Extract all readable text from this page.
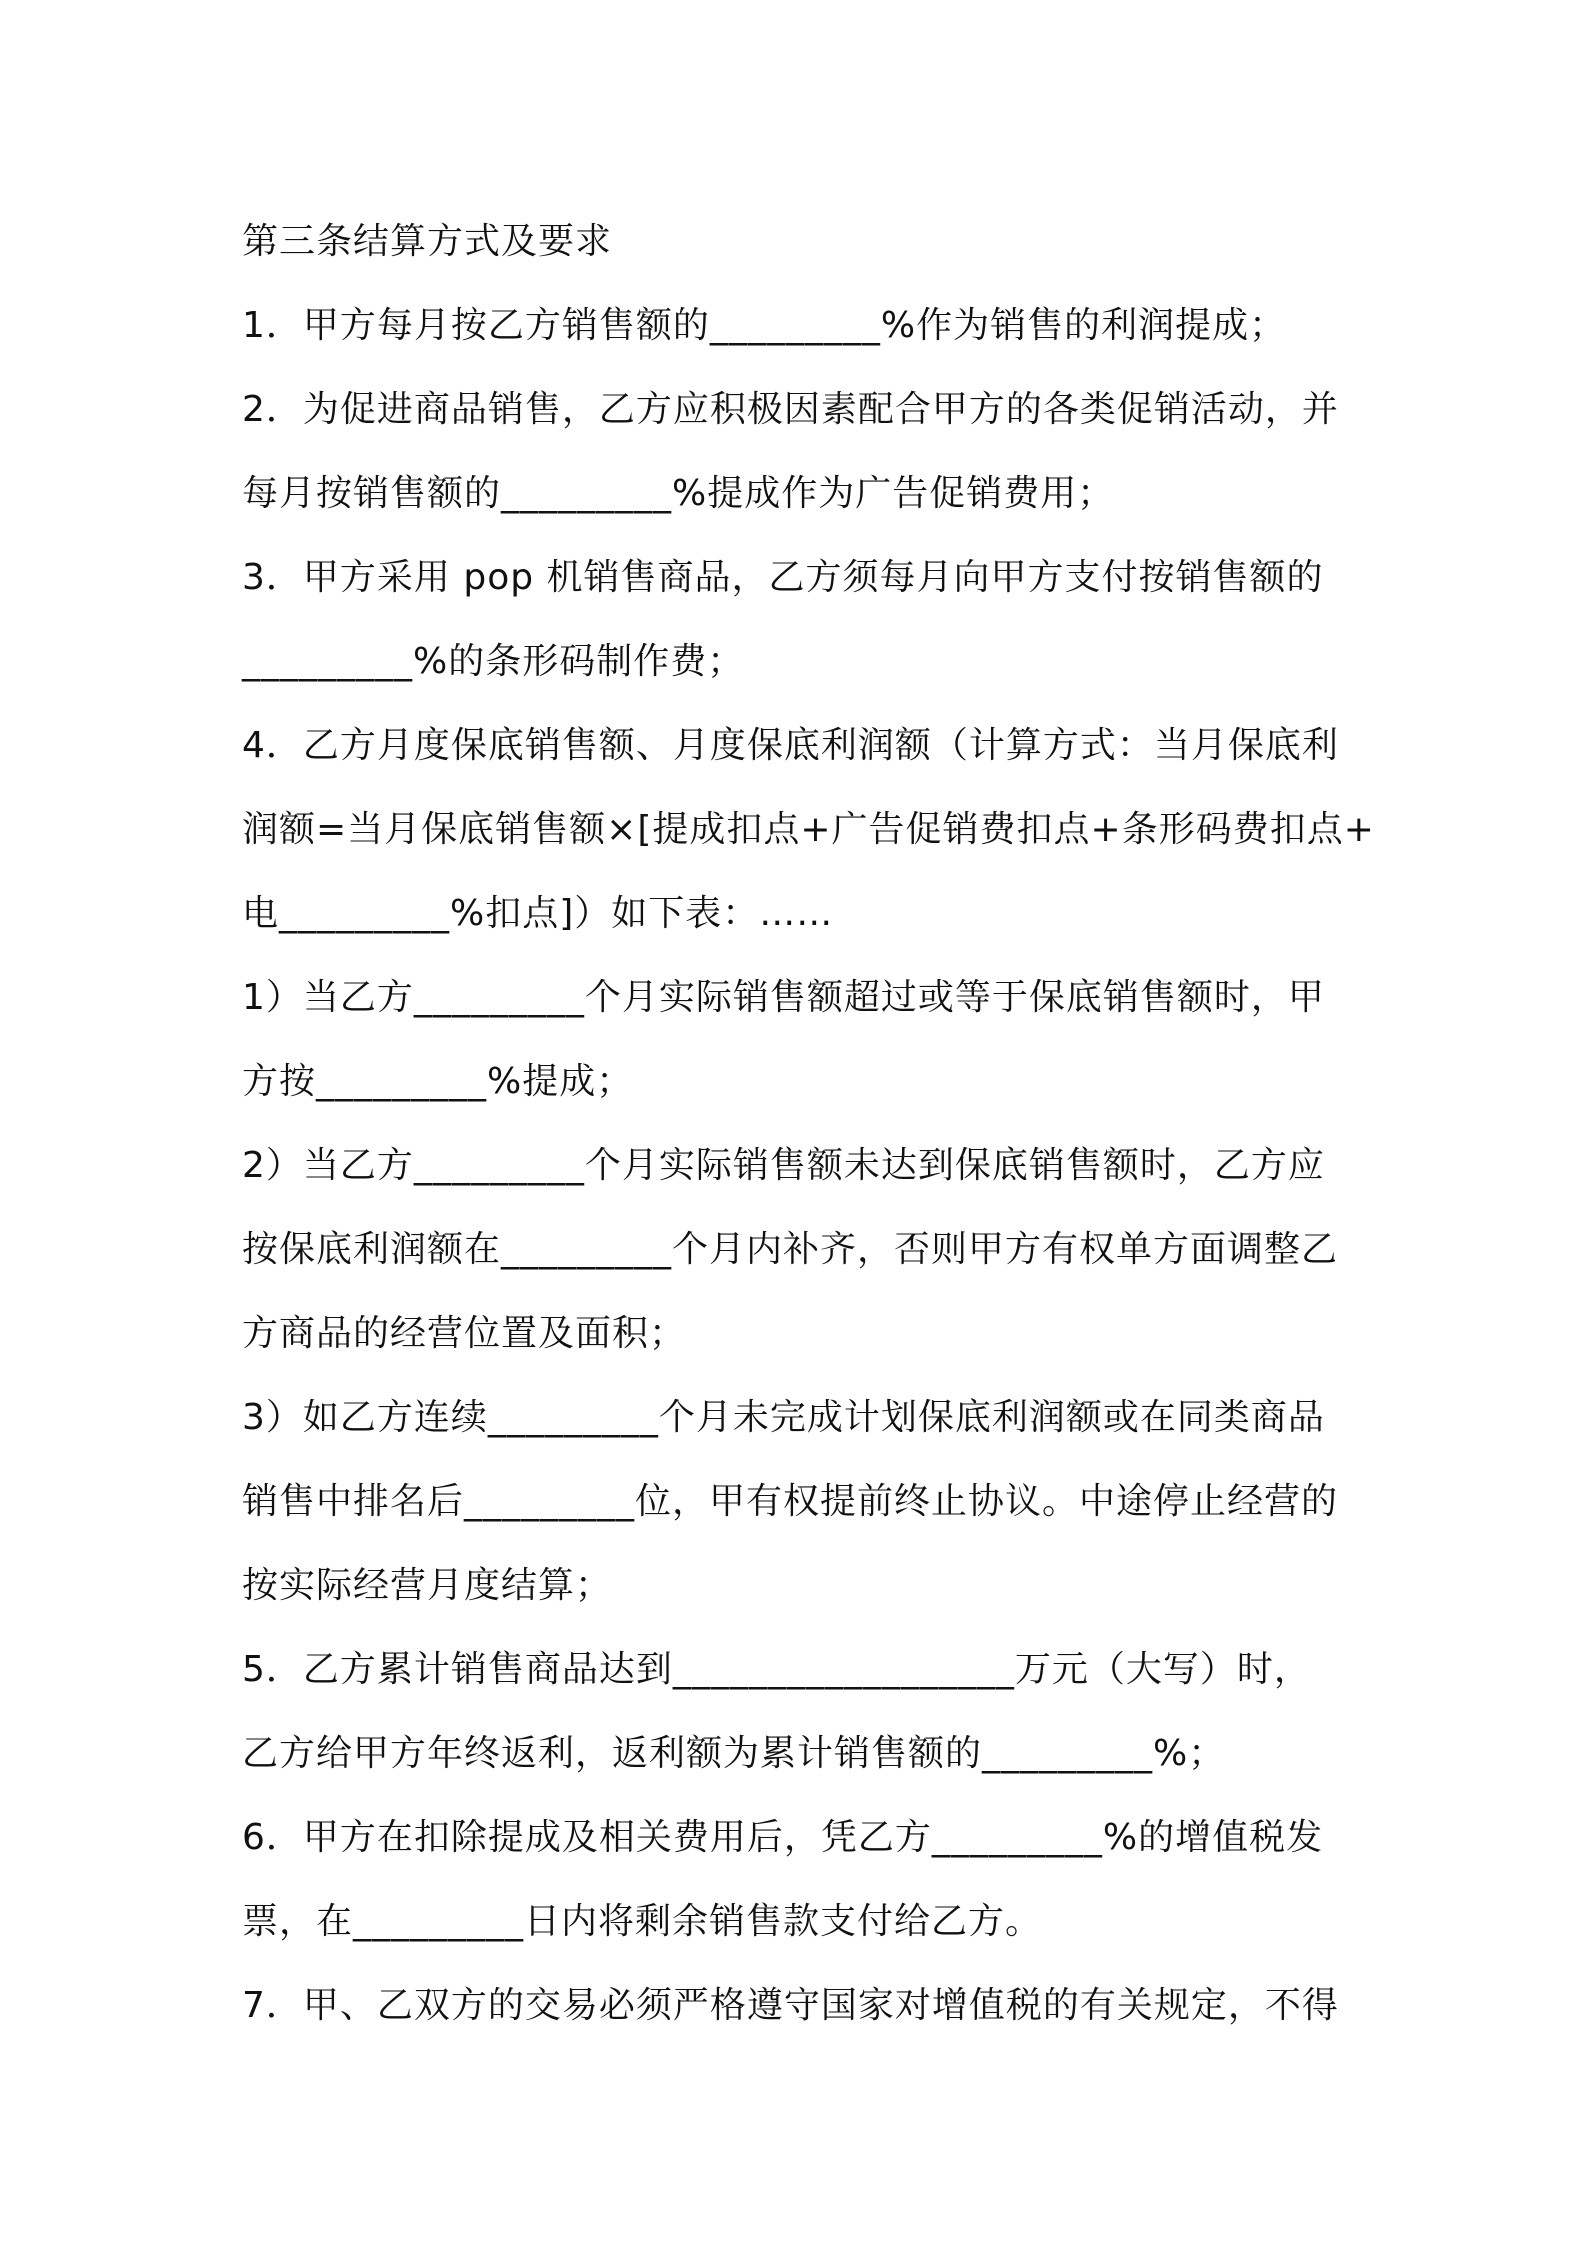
第三条结算方式及要求
1．甲方每月按乙方销售额的_________%作为销售的利润提成；
2．为促进商品销售，乙方应积极因素配合甲方的各类促销活动，并
每月按销售额的_________%提成作为广告促销费用；
3．甲方采用 pop 机销售商品，乙方须每月向甲方支付按销售额的
_________%的条形码制作费；
4．乙方月度保底销售额、月度保底利润额（计算方式：当月保底利
润额=当月保底销售额×[提成扣点+广告促销费扣点+条形码费扣点+
电_________%扣点]）如下表：……
1）当乙方_________个月实际销售额超过或等于保底销售额时，甲
方按_________%提成；
2）当乙方_________个月实际销售额未达到保底销售额时，乙方应
按保底利润额在_________个月内补齐，否则甲方有权单方面调整乙
方商品的经营位置及面积；
3）如乙方连续_________个月未完成计划保底利润额或在同类商品
销售中排名后_________位，甲有权提前终止协议。中途停止经营的
按实际经营月度结算；
5．乙方累计销售商品达到__________________万元（大写）时，
乙方给甲方年终返利，返利额为累计销售额的_________%；
6．甲方在扣除提成及相关费用后，凭乙方_________%的增值税发
票，在_________日内将剩余销售款支付给乙方。
7．甲、乙双方的交易必须严格遵守国家对增值税的有关规定，不得
